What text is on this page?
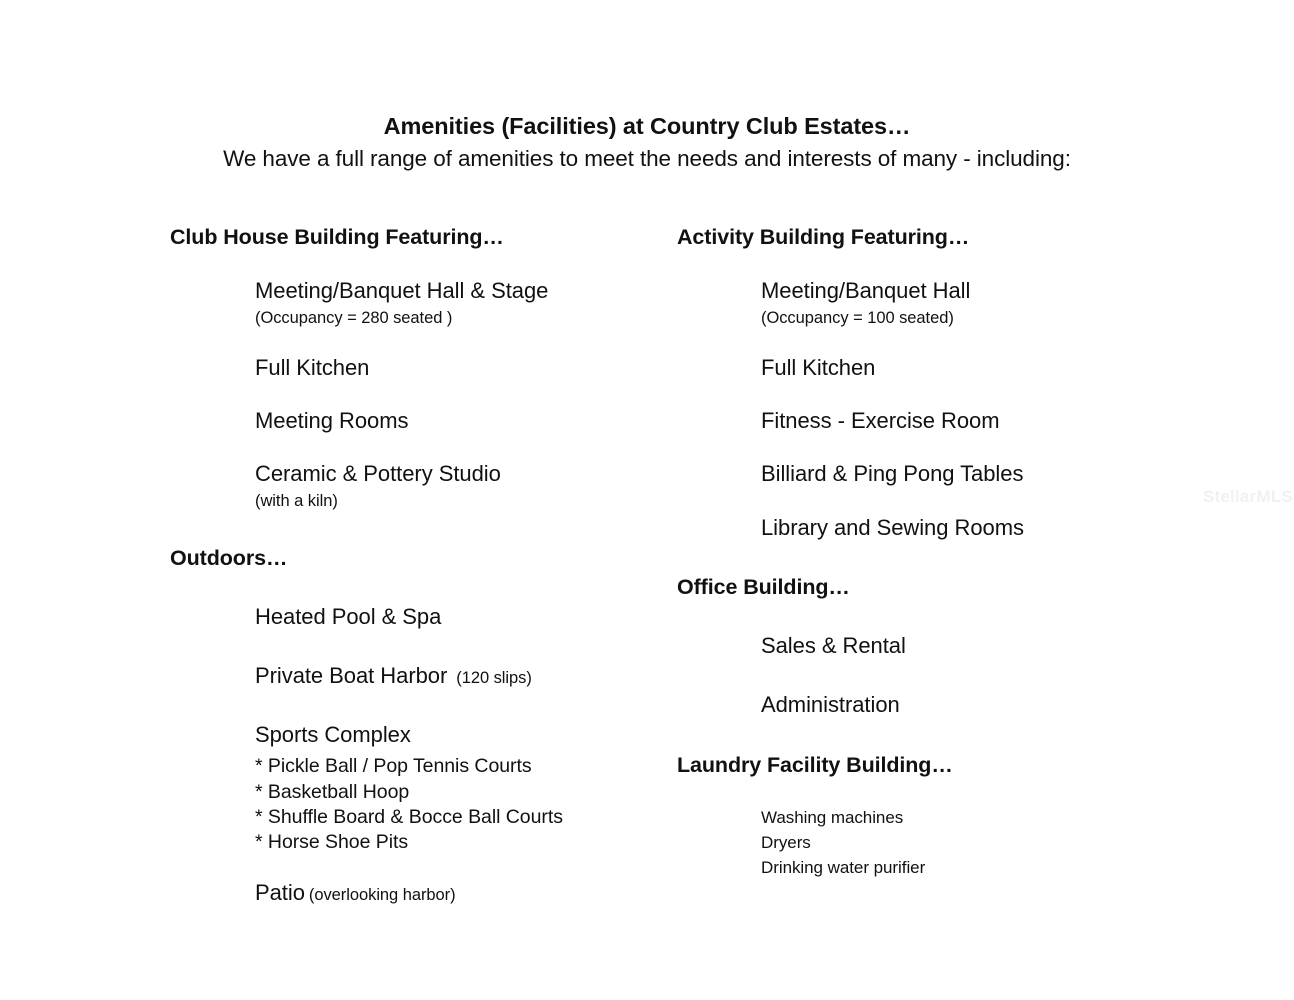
Amenities (Facilities) at Country Club Estates…
We have a full range of amenities to meet the needs and interests of many - including:
Club House Building Featuring…
Meeting/Banquet Hall & Stage
(Occupancy = 280 seated )
Full Kitchen
Meeting Rooms
Ceramic & Pottery Studio
(with a kiln)
Outdoors…
Heated Pool & Spa
Private Boat Harbor (120 slips)
Sports Complex
* Pickle Ball / Pop Tennis Courts
* Basketball Hoop
* Shuffle Board & Bocce Ball Courts
* Horse Shoe Pits
Patio (overlooking harbor)
Activity Building Featuring…
Meeting/Banquet Hall
(Occupancy = 100 seated)
Full Kitchen
Fitness - Exercise Room
Billiard & Ping Pong Tables
Library and Sewing Rooms
Office Building…
Sales & Rental
Administration
Laundry Facility Building…
Washing machines
Dryers
Drinking water purifier
StellarMLS
